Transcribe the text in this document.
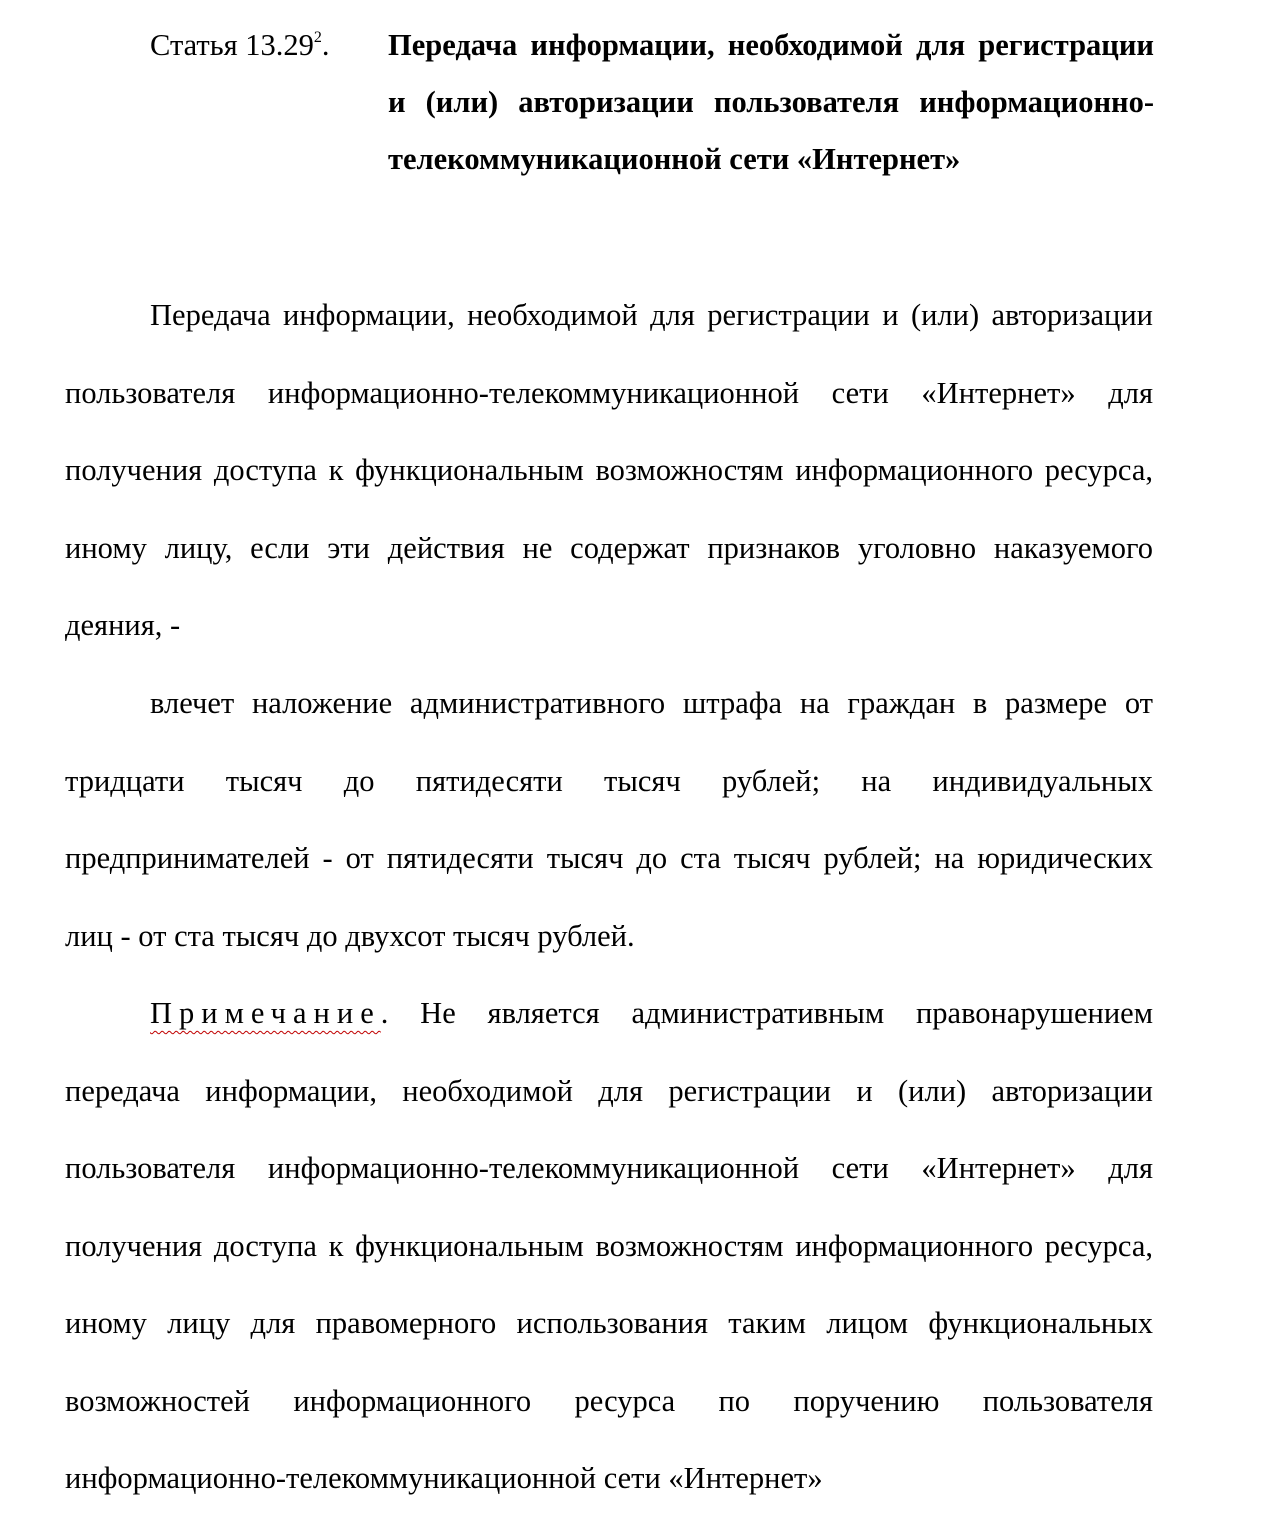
Статья 13.29$^2$.	Передача информации, необходимой для регистрации и (или) авторизации пользователя информационно-телекоммуникационной сети «Интернет»

Передача информации, необходимой для регистрации и (или) авторизации пользователя информационно-телекоммуникационной сети «Интернет» для получения доступа к функциональным возможностям информационного ресурса, иному лицу, если эти действия не содержат признаков уголовно наказуемого деяния, -

влечет наложение административного штрафа на граждан в размере от тридцати тысяч до пятидесяти тысяч рублей; на индивидуальных предпринимателей - от пятидесяти тысяч до ста тысяч рублей; на юридических лиц - от ста тысяч до двухсот тысяч рублей.

Примечание. Не является административным правонарушением передача информации, необходимой для регистрации и (или) авторизации пользователя информационно-телекоммуникационной сети «Интернет» для получения доступа к функциональным возможностям информационного ресурса, иному лицу для правомерного использования таким лицом функциональных возможностей информационного ресурса по поручению пользователя информационно-телекоммуникационной сети «Интернет»
